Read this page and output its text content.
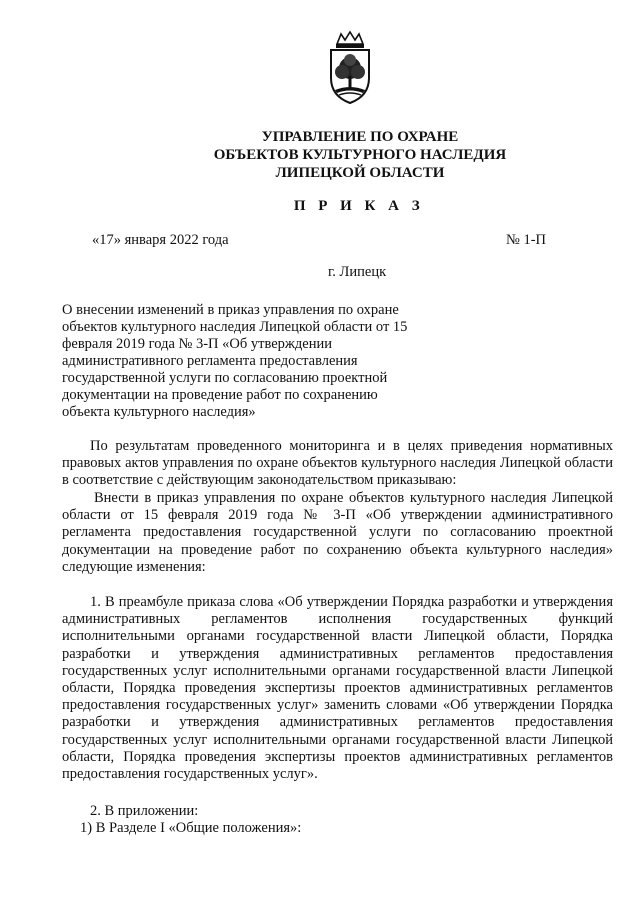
УПРАВЛЕНИЕ ПО ОХРАНЕ
ОБЪЕКТОВ КУЛЬТУРНОГО НАСЛЕДИЯ
ЛИПЕЦКОЙ ОБЛАСТИ
П Р И К А З
«17» января 2022 года	№ 1-П
г. Липецк
О внесении изменений в приказ управления по охране объектов культурного наследия Липецкой области от 15 февраля 2019 года № 3-П «Об утверждении административного регламента предоставления государственной услуги по согласованию проектной документации на проведение работ по сохранению объекта культурного наследия»
По результатам проведенного мониторинга и в целях приведения нормативных правовых актов управления по охране объектов культурного наследия Липецкой области в соответствие с действующим законодательством приказываю:
Внести в приказ управления по охране объектов культурного наследия Липецкой области от 15 февраля 2019 года № 3-П «Об утверждении административного регламента предоставления государственной услуги по согласованию проектной документации на проведение работ по сохранению объекта культурного наследия» следующие изменения:
1. В преамбуле приказа слова «Об утверждении Порядка разработки и утверждения административных регламентов исполнения государственных функций исполнительными органами государственной власти Липецкой области, Порядка разработки и утверждения административных регламентов предоставления государственных услуг исполнительными органами государственной власти Липецкой области, Порядка проведения экспертизы проектов административных регламентов предоставления государственных услуг» заменить словами «Об утверждении Порядка разработки и утверждения административных регламентов предоставления государственных услуг исполнительными органами государственной власти Липецкой области, Порядка проведения экспертизы проектов административных регламентов предоставления государственных услуг».
2. В приложении:
1) В Разделе I «Общие положения»:
